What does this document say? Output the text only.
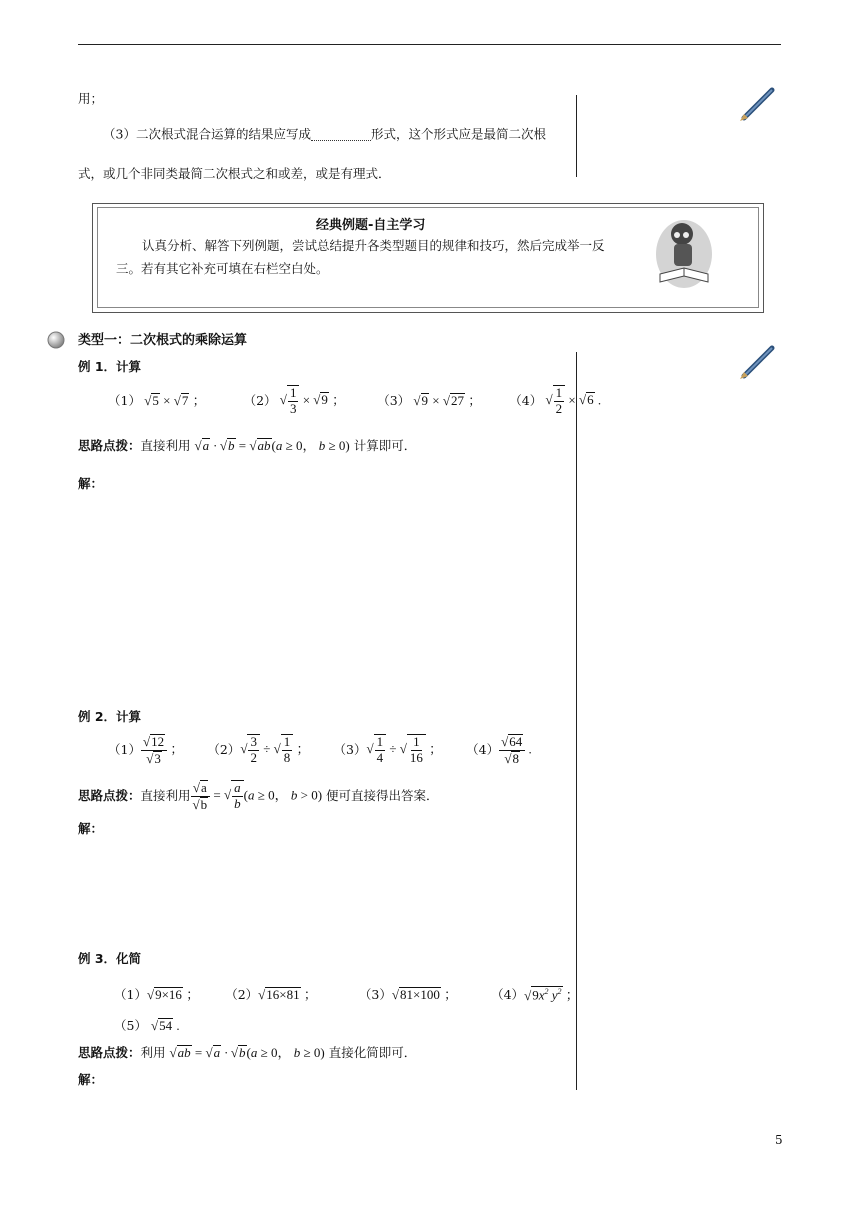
用；
（3）二次根式混合运算的结果应写成	形式，这个形式应是最简二次根
式，或几个非同类最简二次根式之和或差，或是有理式．
经典例题-自主学习
认真分析、解答下列例题，尝试总结提升各类型题目的规律和技巧，然后完成举一反
三。若有其它补充可填在右栏空白处。
类型一：二次根式的乘除运算
例 1．计算
（1） √ 5 × √ 7 ；	（2） √ $\frac{1}{3}$ × √ 9 ；	（3） √ 9 × √ 27 ； （4） √ $\frac{1}{2}$ × √ 6 .
思路点拨：直接利用 √ a · √ b = √ ab(a ≥ 0， b ≥ 0) 计算即可．
解：
例 2．计算
（1） √ 12
√ 3 ； （2） √ $\frac{3}{2}$ ÷ √ $\frac{1}{8}$ ； （3） √ $\frac{1}{4}$ ÷ √ $\frac{1}{16}$ ； （4） √ 64
√ 8 .
思路点拨： 直接利用 √ a
√ b = √ $\frac{a}{b} (a \ge 0$， b > 0)
便可直接得出答案．
解：
例 3．化简
（1） √ 9×16 ； （2） √ 16×81 ；	（3） √ 81×100 ；	（4） √ $9x^2$ $y^2$ ；
（5） √ 54 .
思路点拨：利用 √ ab = √ a · √ b(a ≥ 0， b ≥ 0) 直接化简即可．
解：
5
